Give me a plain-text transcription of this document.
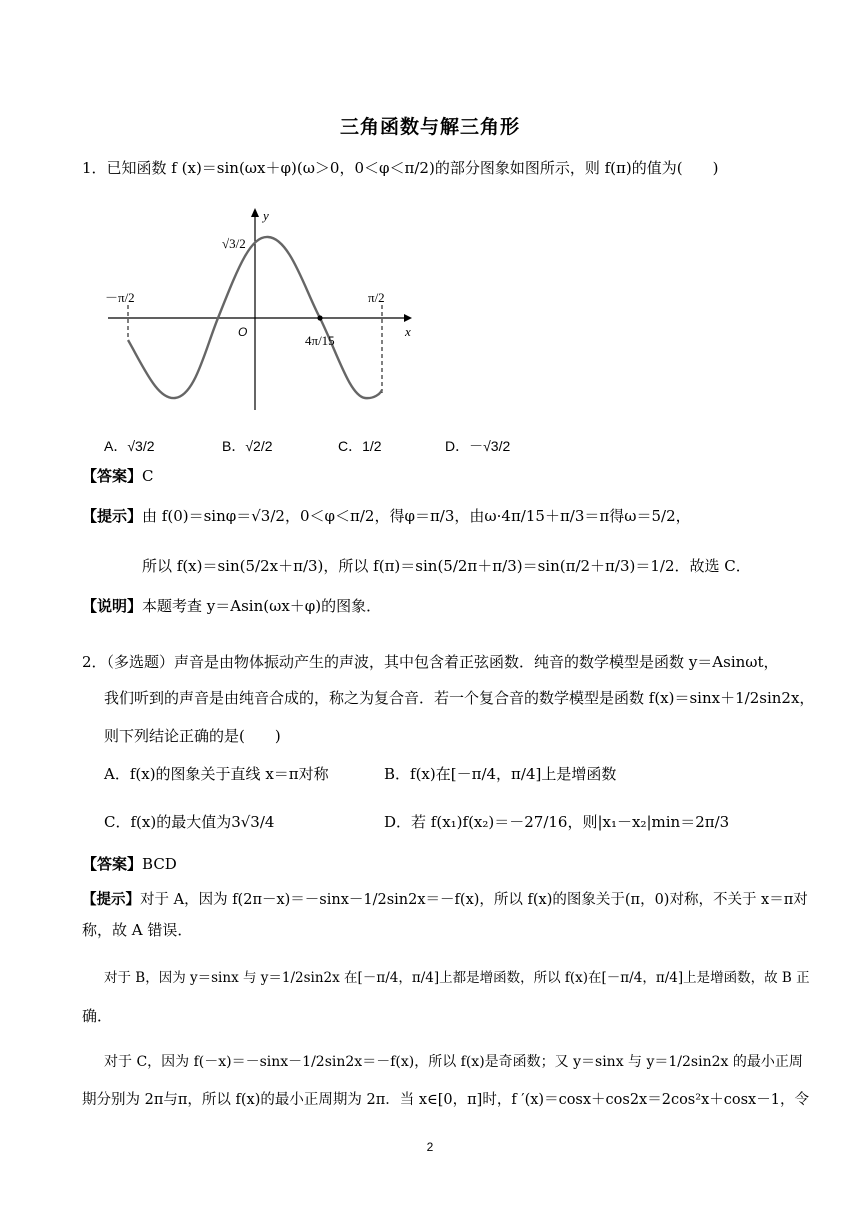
三角函数与解三角形
1．已知函数 f (x)＝sin(ωx＋φ)(ω＞0，0＜φ＜π/2)的部分图象如图所示，则 f(π)的值为(　　)
y
x
O
√3/2
－π/2	π/2
4π/15
A．√3/2	B．√2/2	C．1/2	D．－√3/2
【答案】C
【提示】由 f(0)＝sinφ＝√3/2，0＜φ＜π/2，得φ＝π/3，由ω·4π/15＋π/3＝π得ω＝5/2，
所以 f(x)＝sin(5/2x＋π/3)，所以 f(π)＝sin(5/2π＋π/3)＝sin(π/2＋π/3)＝1/2．故选 C．
【说明】本题考查 y＝Asin(ωx＋φ)的图象．
2．（多选题）声音是由物体振动产生的声波，其中包含着正弦函数．纯音的数学模型是函数 y＝Asinωt，
我们听到的声音是由纯音合成的，称之为复合音．若一个复合音的数学模型是函数 f(x)＝sinx＋1/2sin2x，
则下列结论正确的是(　　)
A．f(x)的图象关于直线 x＝π对称	B．f(x)在[－π/4，π/4]上是增函数
C．f(x)的最大值为3√3/4	D．若 f(x₁)f(x₂)＝－27/16，则|x₁－x₂|min＝2π/3
【答案】BCD
【提示】对于 A，因为 f(2π－x)＝－sinx－1/2sin2x＝－f(x)，所以 f(x)的图象关于(π，0)对称，不关于 x＝π对
称，故 A 错误．
对于 B，因为 y＝sinx 与 y＝1/2sin2x 在[－π/4，π/4]上都是增函数，所以 f(x)在[－π/4，π/4]上是增函数，故 B 正
确．
对于 C，因为 f(－x)＝－sinx－1/2sin2x＝－f(x)，所以 f(x)是奇函数；又 y＝sinx 与 y＝1/2sin2x 的最小正周
期分别为 2π与π，所以 f(x)的最小正周期为 2π．当 x∈[0，π]时，f ′(x)＝cosx＋cos2x＝2cos²x＋cosx－1，令
2
